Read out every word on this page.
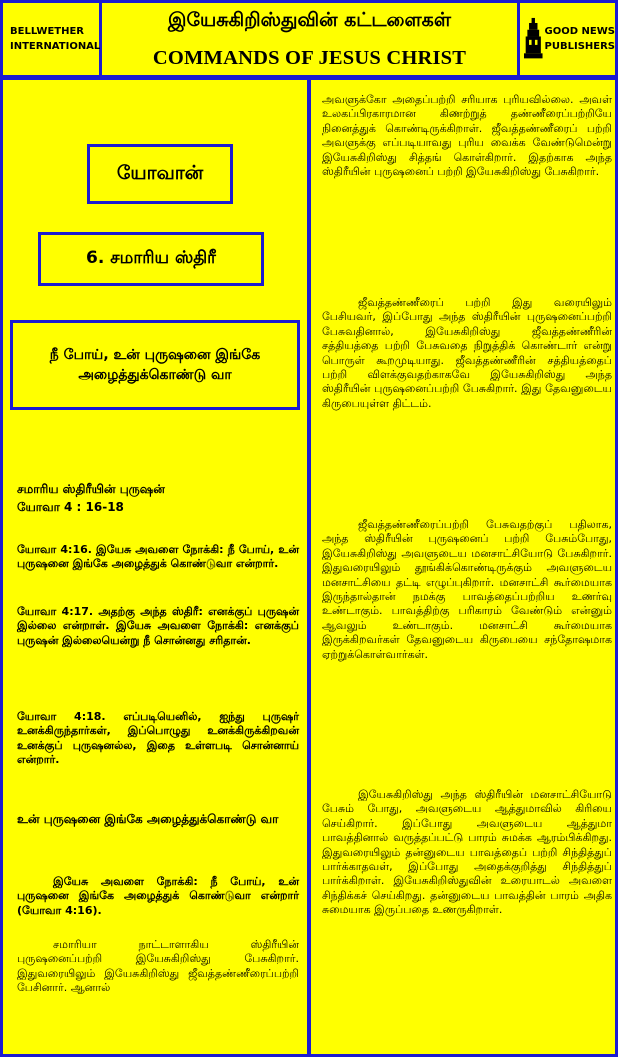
BELLWETHER
INTERNATIONAL
இயேசுகிறிஸ்துவின் கட்டளைகள்
COMMANDS OF JESUS CHRIST
GOOD NEWS
PUBLISHERS
யோவான்
6. சமாரிய ஸ்திரீ
நீ போய், உன் புருஷனை இங்கே அழைத்துக்கொண்டு வா
சமாரிய ஸ்திரீயின் புருஷன்
யோவா 4 : 16-18
யோவா 4:16. இயேசு அவளை நோக்கி: நீ போய், உன் புருஷனை இங்கே அழைத்துக் கொண்டுவா என்றார்.
யோவா 4:17. அதற்கு அந்த ஸ்திரீ: எனக்குப் புருஷன் இல்லை என்றாள். இயேசு அவளை நோக்கி: எனக்குப் புருஷன் இல்லையென்று நீ சொன்னது சரிதான்.
யோவா 4:18. எப்படியெனில், ஐந்து புருஷர் உனக்கிருந்தார்கள், இப்பொழுது உனக்கிருக்கிறவன் உனக்குப் புருஷனல்ல, இதை உள்ளபடி சொன்னாய் என்றார்.
உன் புருஷனை இங்கே அழைத்துக்கொண்டு வா
இயேசு அவளை நோக்கி: நீ போய், உன் புருஷனை இங்கே அழைத்துக் கொண்டுவா என்றார் (யோவா 4:16).
சமாரியா நாட்டாளாகிய ஸ்திரீயின் புருஷனைப்பற்றி இயேசுகிறிஸ்து பேசுகிறார். இதுவரையிலும் இயேசுகிறிஸ்து ஜீவத்தண்ணீரைப்பற்றி பேசினார். ஆனால்
அவளுக்கோ அதைப்பற்றி சரியாக புரியவில்லை. அவள் உலகப்பிரகாரமான கிணற்றுத் தண்ணீரைப்பற்றியே நினைத்துக் கொண்டிருக்கிறாள். ஜீவத்தண்ணீரைப் பற்றி அவளுக்கு எப்படியாவது புரிய வைக்க வேண்டுமென்று இயேசுகிறிஸ்து சித்தங் கொள்கிறார். இதற்காக அந்த ஸ்திரீயின் புருஷனைப் பற்றி இயேசுகிறிஸ்து பேசுகிறார்.
ஜீவத்தண்ணீரைப் பற்றி இது வரையிலும் பேசியவர், இப்போது அந்த ஸ்திரீயின் புருஷனைப்பற்றி பேசுவதினால், இயேசுகிறிஸ்து ஜீவத்தண்ணீரின் சத்தியத்தை பற்றி பேசுவதை நிறுத்திக் கொண்டார் என்று பொருள் கூறமுடியாது. ஜீவத்தண்ணீரின் சத்தியத்தைப் பற்றி விளக்குவதற்காகவே இயேசுகிறிஸ்து அந்த ஸ்திரீயின் புருஷனைப்பற்றி பேசுகிறார். இது தேவனுடைய கிருபையுள்ள திட்டம்.
ஜீவத்தண்ணீரைப்பற்றி பேசுவதற்குப் பதிலாக, அந்த ஸ்திரீயின் புருஷனைப் பற்றி பேசும்போது, இயேசுகிறிஸ்து அவளுடைய மனசாட்சியோடு பேசுகிறார். இதுவரையிலும் தூங்கிக்கொண்டிருக்கும் அவளுடைய மனசாட்சியை தட்டி எழுப்புகிறார். மனசாட்சி கூர்மையாக இருந்தால்தான் நமக்கு பாவத்தைப்பற்றிய உணர்வு உண்டாகும். பாவத்திற்கு பரிகாரம் வேண்டும் என்னும் ஆவலும் உண்டாகும். மனசாட்சி கூர்மையாக இருக்கிறவர்கள் தேவனுடைய கிருபையை சந்தோஷமாக ஏற்றுக்கொள்வார்கள்.
இயேசுகிறிஸ்து அந்த ஸ்திரீயின் மனசாட்சியோடு பேசும் போது, அவளுடைய ஆத்துமாவில் கிரியை செய்கிறார். இப்போது அவளுடைய ஆத்துமா பாவத்தினால் வருத்தப்பட்டு பாரம் சுமக்க ஆரம்பிக்கிறது. இதுவரையிலும் தன்னுடைய பாவத்தைப் பற்றி சிந்தித்துப் பார்க்காதவள், இப்போது அதைக்குறித்து சிந்தித்துப் பார்க்கிறாள். இயேசுகிறிஸ்துவின் உரையாடல் அவளை சிந்திக்கச் செய்கிறது. தன்னுடைய பாவத்தின் பாரம் அதிக சுமையாக இருப்பதை உணருகிறாள்.
